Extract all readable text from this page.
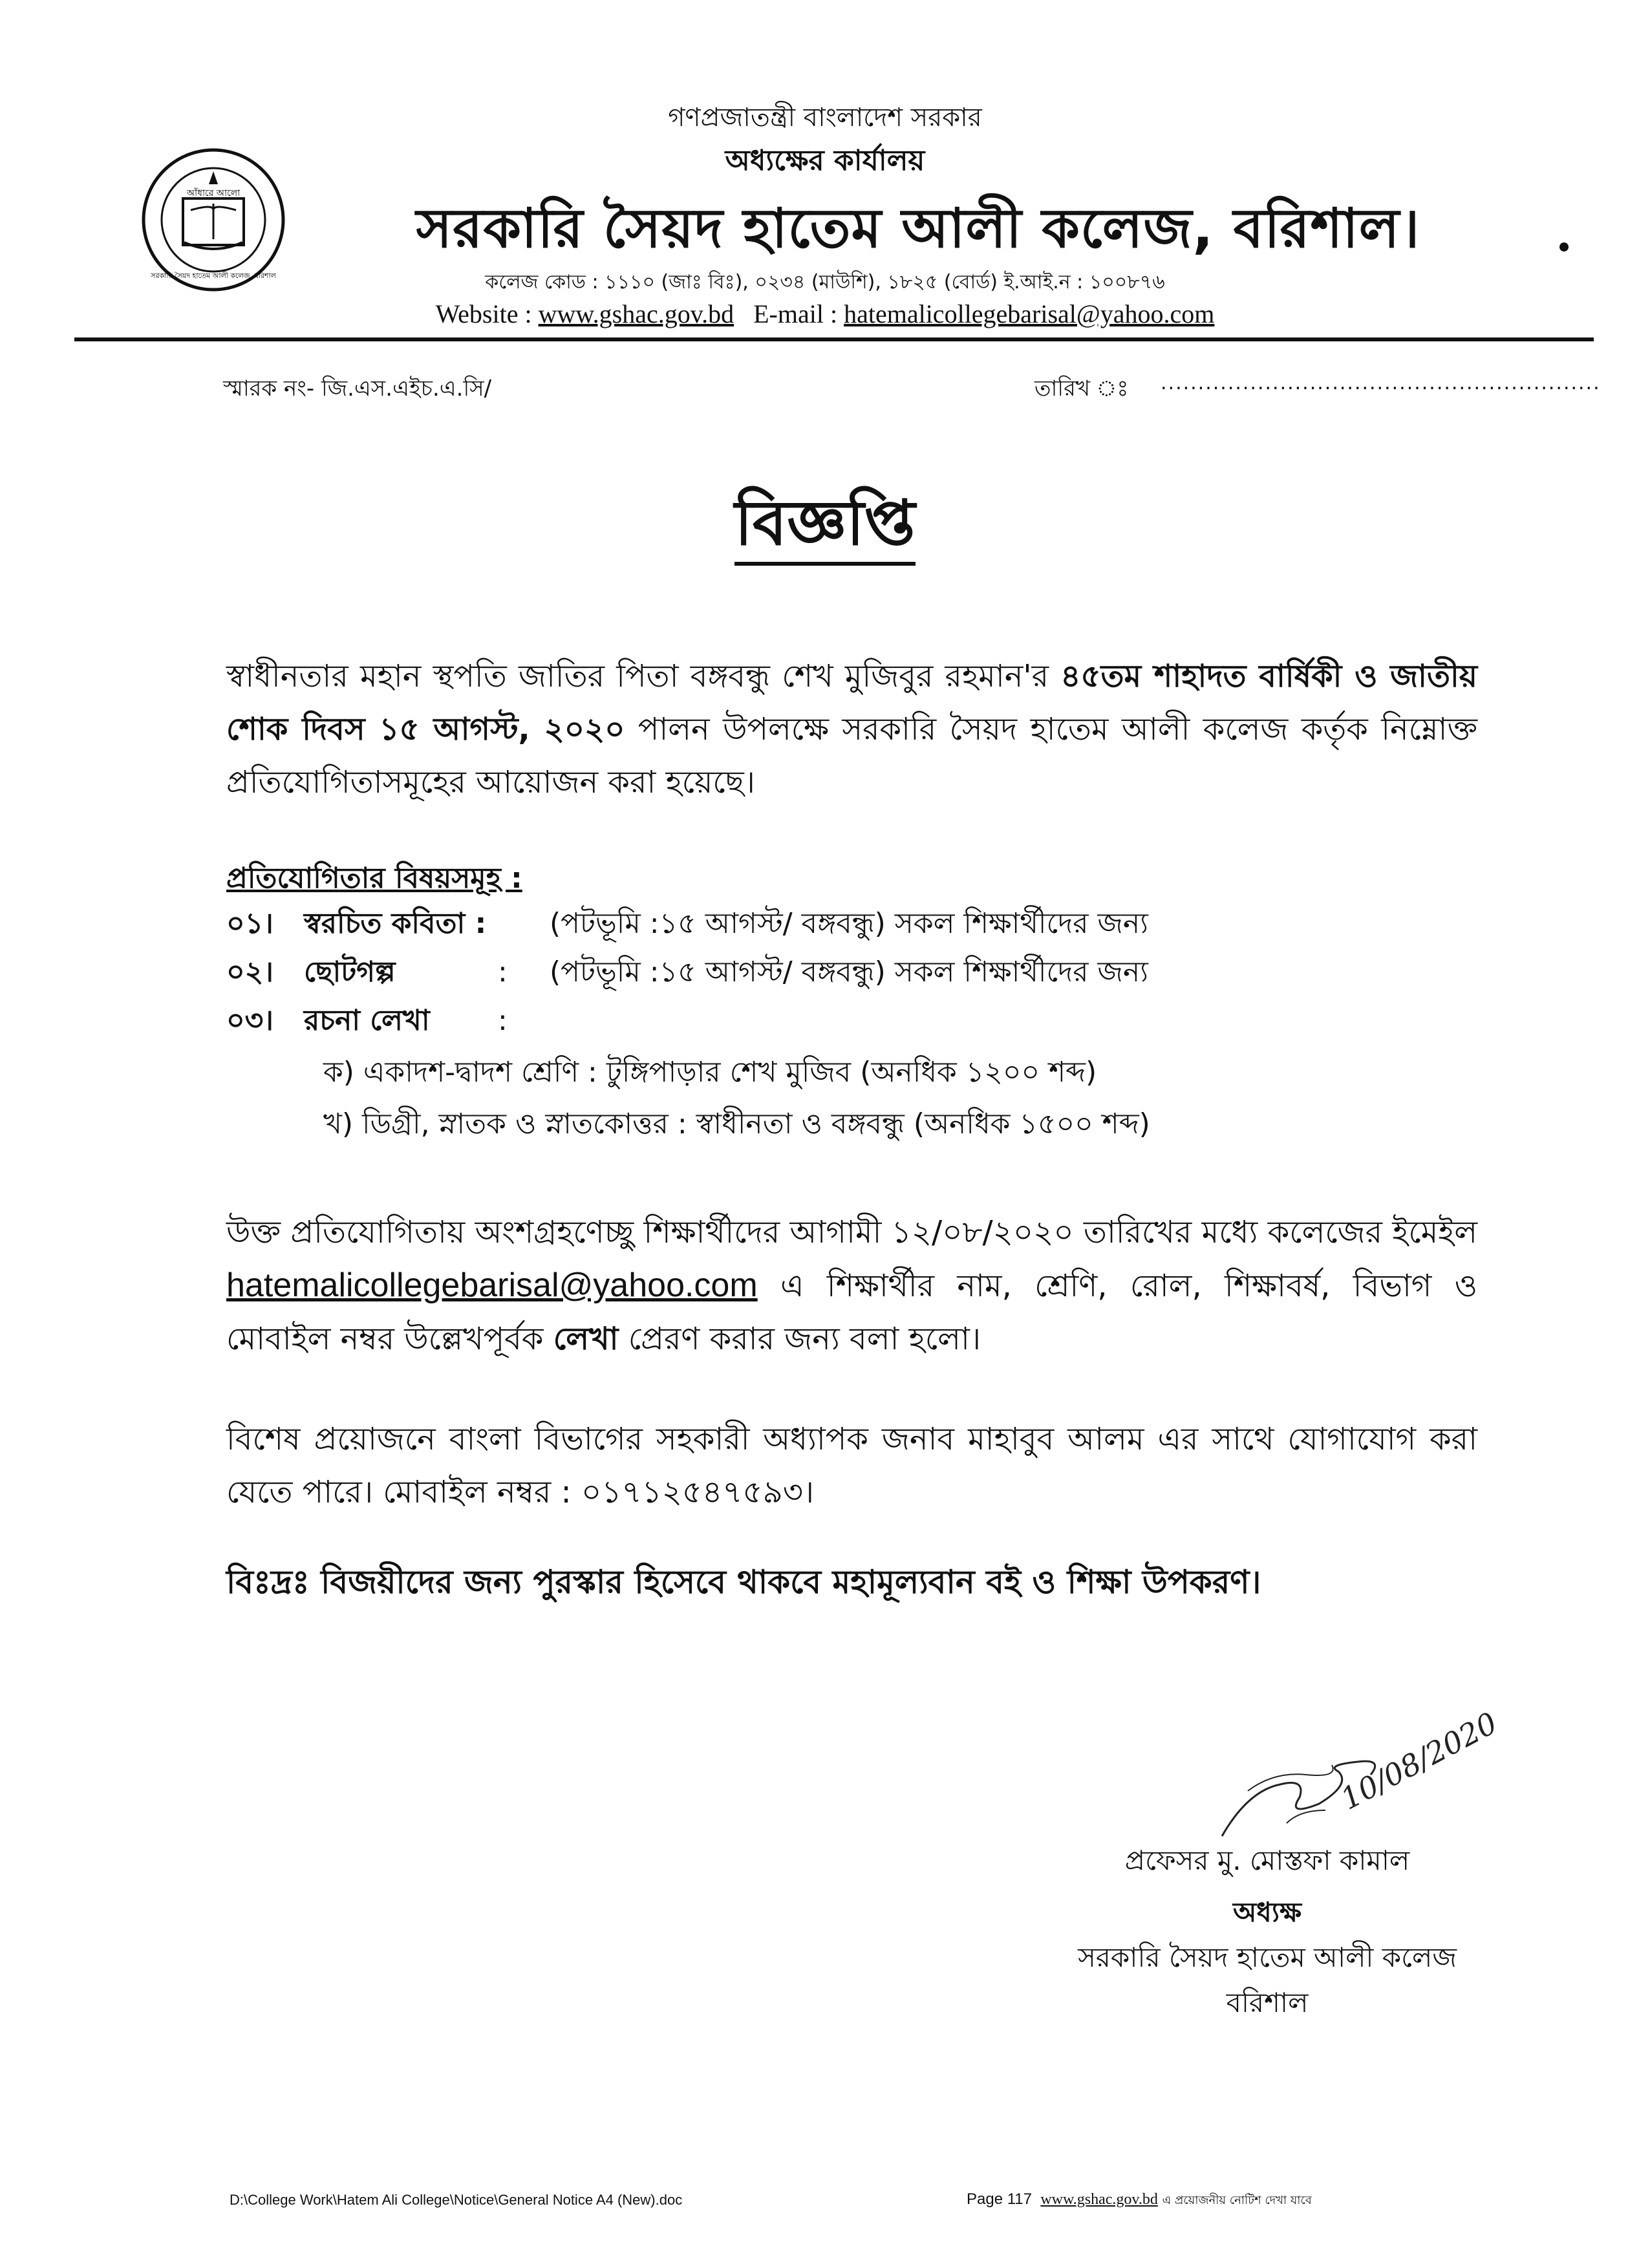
আঁধারে আলো
সরকারি সৈয়দ হাতেম আলী কলেজ, বরিশাল
গণপ্রজাতন্ত্রী বাংলাদেশ সরকার
অধ্যক্ষের কার্যালয়
সরকারি সৈয়দ হাতেম আলী কলেজ, বরিশাল।
কলেজ কোড : ১১১০ (জাঃ বিঃ), ০২৩৪ (মাউশি), ১৮২৫ (বোর্ড) ই.আই.ন : ১০০৮৭৬
Website : www.gshac.gov.bd E-mail : hatemalicollegebarisal@yahoo.com
স্মারক নং- জি.এস.এইচ.এ.সি/	তারিখ ঃ ...........................................................
বিজ্ঞপ্তি
স্বাধীনতার মহান স্থপতি জাতির পিতা বঙ্গবন্ধু শেখ মুজিবুর রহমান'র ৪৫তম শাহাদত বার্ষিকী ও জাতীয় শোক দিবস ১৫ আগস্ট, ২০২০ পালন উপলক্ষে সরকারি সৈয়দ হাতেম আলী কলেজ কর্তৃক নিম্নোক্ত প্রতিযোগিতাসমূহের আয়োজন করা হয়েছে।
প্রতিযোগিতার বিষয়সমূহ :
০১। স্বরচিত কবিতা : (পটভূমি :১৫ আগস্ট/ বঙ্গবন্ধু) সকল শিক্ষার্থীদের জন্য
০২। ছোটগল্প	: (পটভূমি :১৫ আগস্ট/ বঙ্গবন্ধু) সকল শিক্ষার্থীদের জন্য
০৩। রচনা লেখা :
ক) একাদশ-দ্বাদশ শ্রেণি : টুঙ্গিপাড়ার শেখ মুজিব (অনধিক ১২০০ শব্দ)
খ) ডিগ্রী, স্নাতক ও স্নাতকোত্তর : স্বাধীনতা ও বঙ্গবন্ধু (অনধিক ১৫০০ শব্দ)
উক্ত প্রতিযোগিতায় অংশগ্রহণেচ্ছু শিক্ষার্থীদের আগামী ১২/০৮/২০২০ তারিখের মধ্যে কলেজের ইমেইল hatemalicollegebarisal@yahoo.com এ শিক্ষার্থীর নাম, শ্রেণি, রোল, শিক্ষাবর্ষ, বিভাগ ও মোবাইল নম্বর উল্লেখপূর্বক লেখা প্রেরণ করার জন্য বলা হলো।
বিশেষ প্রয়োজনে বাংলা বিভাগের সহকারী অধ্যাপক জনাব মাহাবুব আলম এর সাথে যোগাযোগ করা যেতে পারে। মোবাইল নম্বর : ০১৭১২৫৪৭৫৯৩।
বিঃদ্রঃ বিজয়ীদের জন্য পুরস্কার হিসেবে থাকবে মহামূল্যবান বই ও শিক্ষা উপকরণ।
10/08/2020
প্রফেসর মু. মোস্তফা কামাল
অধ্যক্ষ
সরকারি সৈয়দ হাতেম আলী কলেজ
বরিশাল
D:\College Work\Hatem Ali College\Notice\General Notice A4 (New).doc	Page 117 www.gshac.gov.bd এ প্রয়োজনীয় নোটিশ দেখা যাবে
